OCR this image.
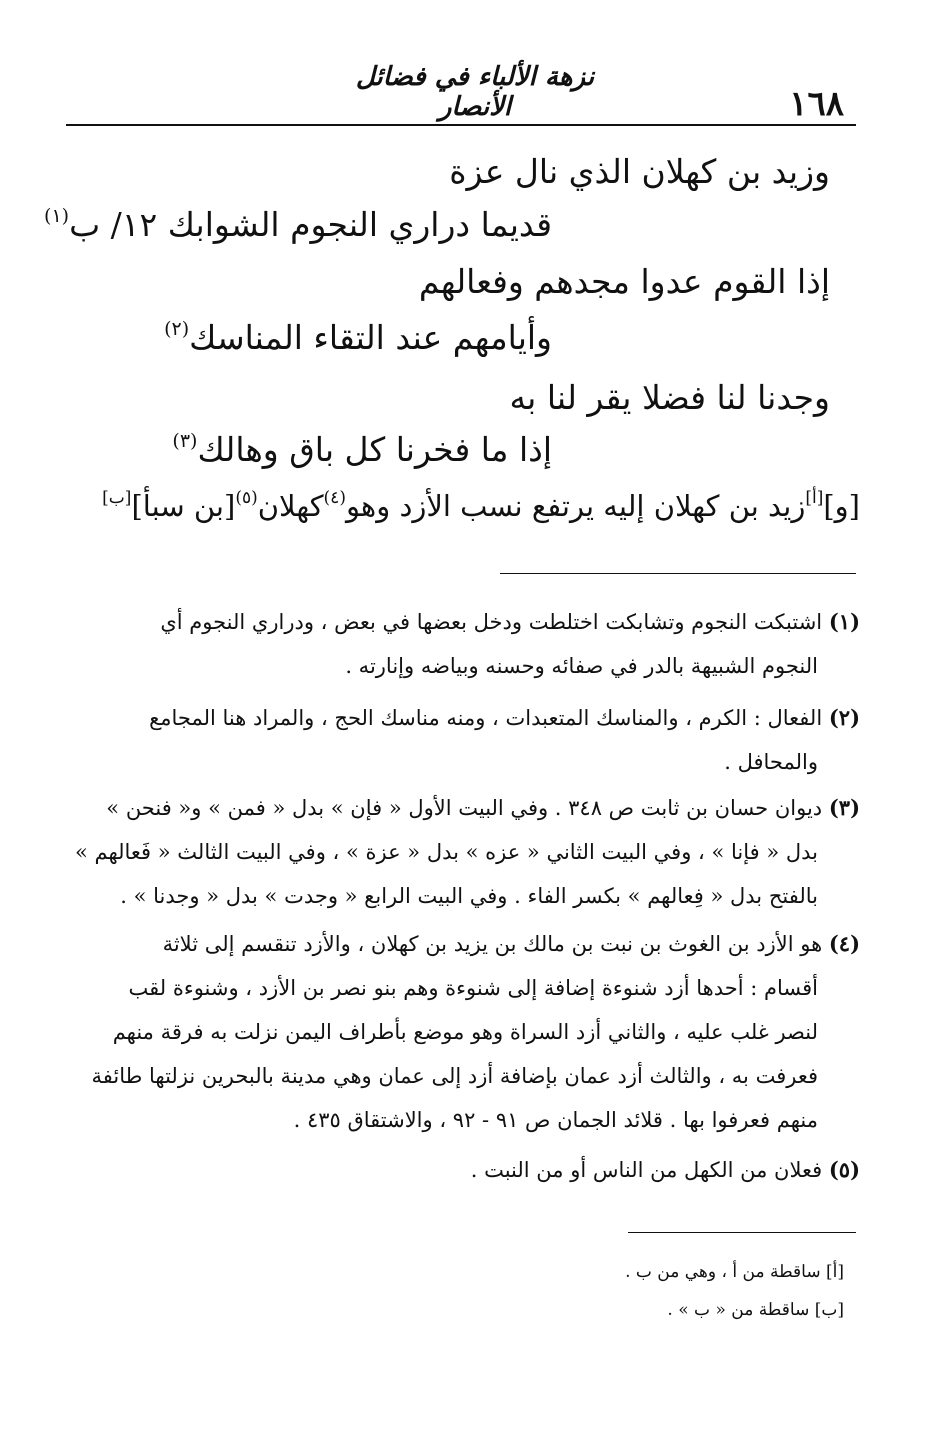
١٦٨
نزهة الألباء في فضائل الأنصار
وزيد بن كهلان الذي نال عزة
قديما دراري النجوم الشوابك ١٢/ ب$^{(١)}$
إذا القوم عدوا مجدهم وفعالهم
وأيامهم عند التقاء المناسك$^{(٢)}$
وجدنا لنا فضلا يقر لنا به
إذا ما فخرنا كل باق وهالك$^{(٣)}$
[و][أ]زيد بن كهلان إليه يرتفع نسب الأزد وهو$^{(٤)}$كهلان$^{(٥)}$[بن سبأ][ب]
(١) اشتبكت النجوم وتشابكت اختلطت ودخل بعضها في بعض ، ودراري النجوم أي
النجوم الشبيهة بالدر في صفائه وحسنه وبياضه وإنارته .
(٢) الفعال : الكرم ، والمناسك المتعبدات ، ومنه مناسك الحج ، والمراد هنا المجامع
والمحافل .
(٣) ديوان حسان بن ثابت ص ٣٤٨ . وفي البيت الأول « فإن » بدل « فمن » و« فنحن »
بدل « فإنا » ، وفي البيت الثاني « عزه » بدل « عزة » ، وفي البيت الثالث « فَعالهم »
بالفتح بدل « فِعالهم » بكسر الفاء . وفي البيت الرابع « وجدت » بدل « وجدنا » .
(٤) هو الأزد بن الغوث بن نبت بن مالك بن يزيد بن كهلان ، والأزد تنقسم إلى ثلاثة
أقسام : أحدها أزد شنوءة إضافة إلى شنوءة وهم بنو نصر بن الأزد ، وشنوءة لقب
لنصر غلب عليه ، والثاني أزد السراة وهو موضع بأطراف اليمن نزلت به فرقة منهم
فعرفت به ، والثالث أزد عمان بإضافة أزد إلى عمان وهي مدينة بالبحرين نزلتها طائفة
منهم فعرفوا بها . قلائد الجمان ص ٩١ - ٩٢ ، والاشتقاق ٤٣٥ .
(٥) فعلان من الكهل من الناس أو من النبت .
[أ] ساقطة من أ ، وهي من ب .
[ب] ساقطة من « ب » .
